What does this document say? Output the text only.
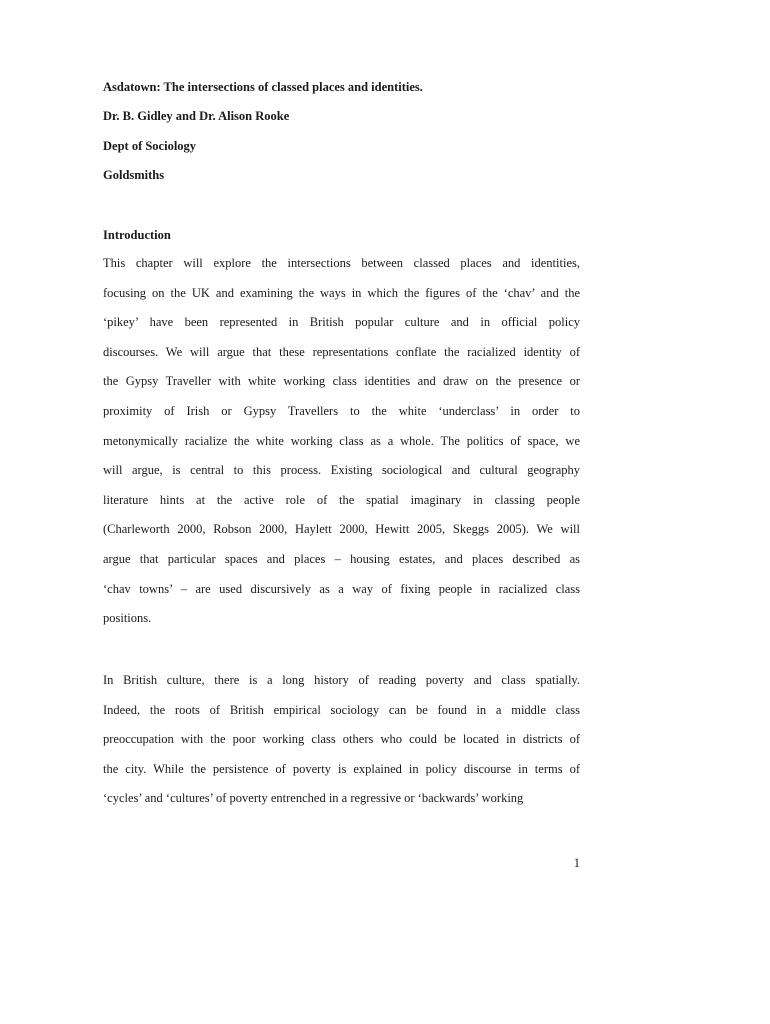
Asdatown: The intersections of classed places and identities.
Dr. B. Gidley and Dr. Alison Rooke
Dept of Sociology
Goldsmiths
Introduction
This chapter will explore the intersections between classed places and identities,
focusing on the UK and examining the ways in which the figures of the ‘chav’ and the
‘pikey’ have been represented in British popular culture and in official policy
discourses. We will argue that these representations conflate the racialized identity of
the Gypsy Traveller with white working class identities and draw on the presence or
proximity of Irish or Gypsy Travellers to the white ‘underclass’ in order to
metonymically racialize the white working class as a whole. The politics of space, we
will argue, is central to this process. Existing sociological and cultural geography
literature hints at the active role of the spatial imaginary in classing people
(Charleworth 2000, Robson 2000, Haylett 2000, Hewitt 2005, Skeggs 2005). We will
argue that particular spaces and places – housing estates, and places described as
‘chav towns’ – are used discursively as a way of fixing people in racialized class
positions.
In British culture, there is a long history of reading poverty and class spatially.
Indeed, the roots of British empirical sociology can be found in a middle class
preoccupation with the poor working class others who could be located in districts of
the city. While the persistence of poverty is explained in policy discourse in terms of
‘cycles’ and ‘cultures’ of poverty entrenched in a regressive or ‘backwards’ working
1
